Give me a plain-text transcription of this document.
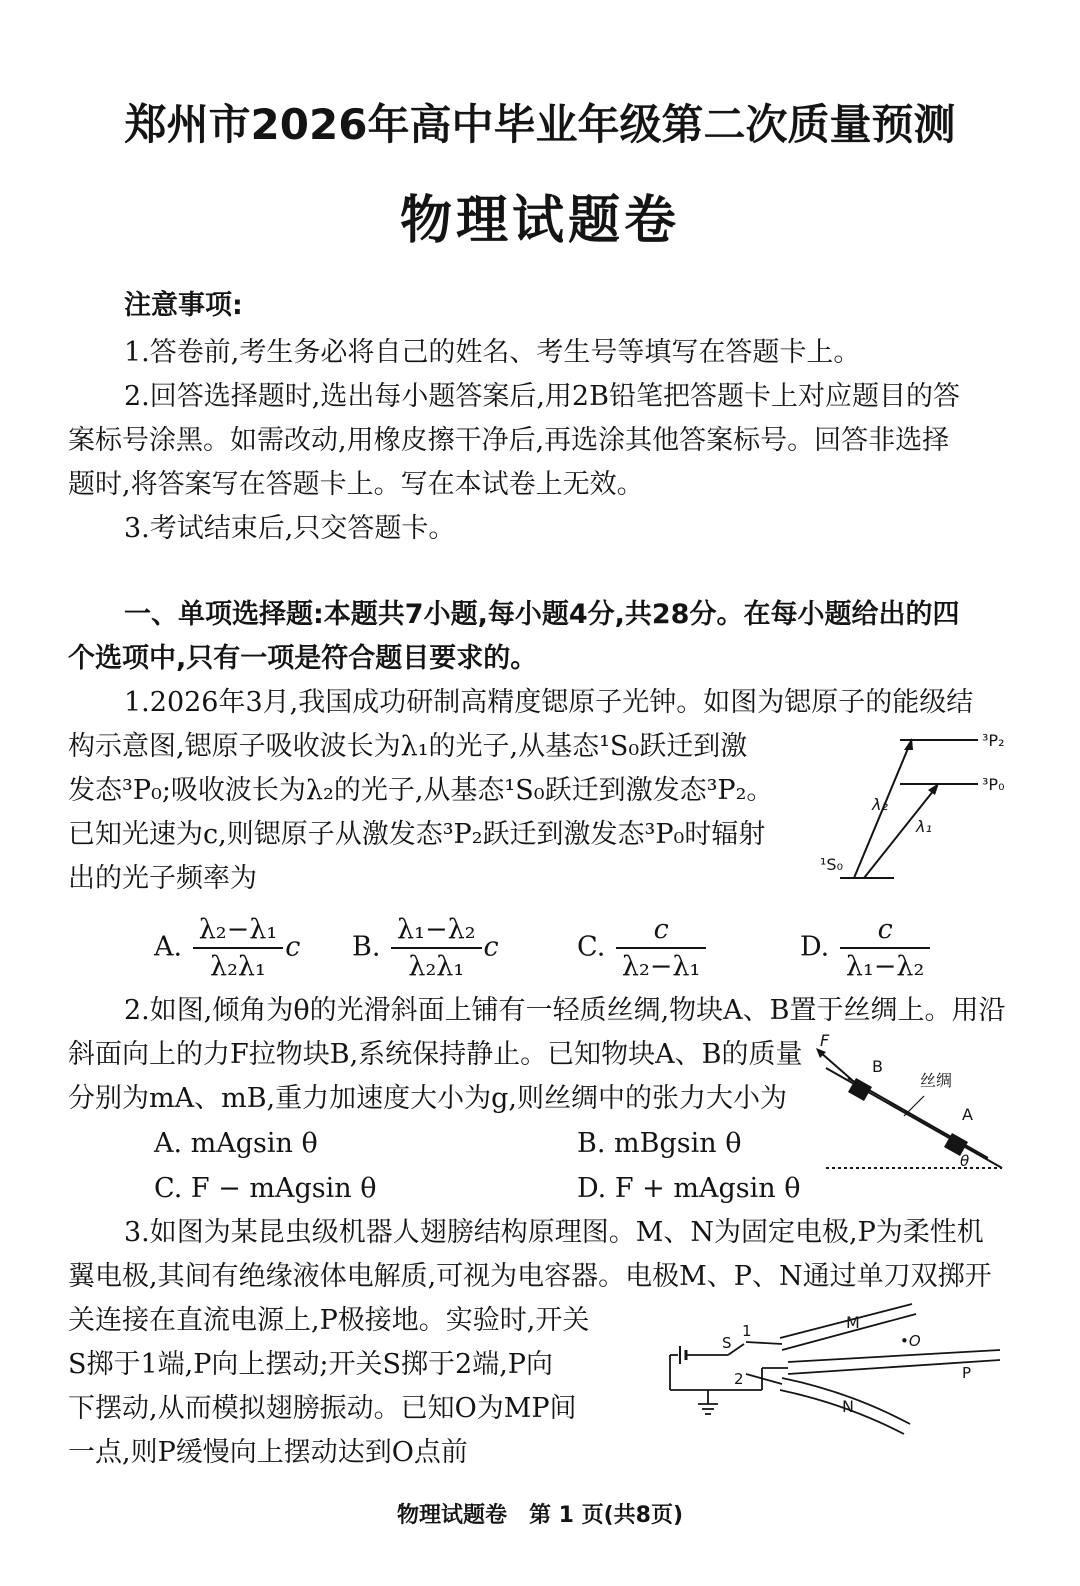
郑州市2026年高中毕业年级第二次质量预测
物理试题卷
注意事项:
1.答卷前,考生务必将自己的姓名、考生号等填写在答题卡上。
2.回答选择题时,选出每小题答案后,用2B铅笔把答题卡上对应题目的答
案标号涂黑。如需改动,用橡皮擦干净后,再选涂其他答案标号。回答非选择
题时,将答案写在答题卡上。写在本试卷上无效。
3.考试结束后,只交答题卡。
一、单项选择题:本题共7小题,每小题4分,共28分。在每小题给出的四
个选项中,只有一项是符合题目要求的。
1.2026年3月,我国成功研制高精度锶原子光钟。如图为锶原子的能级结
构示意图,锶原子吸收波长为λ₁的光子,从基态¹S₀跃迁到激
发态³P₀;吸收波长为λ₂的光子,从基态¹S₀跃迁到激发态³P₂。
已知光速为c,则锶原子从激发态³P₂跃迁到激发态³P₀时辐射
出的光子频率为
³P₂
³P₀
¹S₀
λ₂
λ₁
A. $\frac{\text{λ₂−λ₁}}{\text{λ₂λ₁}}$ c B. $\frac{\text{λ₁−λ₂}}{\text{λ₂λ₁}}$ c	C. $\frac{c}{\text{λ₂−λ₁}}$	D. $\frac{c}{\text{λ₁−λ₂}}$
2.如图,倾角为θ的光滑斜面上铺有一轻质丝绸,物块A、B置于丝绸上。用沿
斜面向上的力F拉物块B,系统保持静止。已知物块A、B的质量
分别为mA、mB,重力加速度大小为g,则丝绸中的张力大小为
A. mAgsin θ	B. mBgsin θ
C. F − mAgsin θ	D. F + mAgsin θ
F
B
A
丝绸
θ
3.如图为某昆虫级机器人翅膀结构原理图。M、N为固定电极,P为柔性机
翼电极,其间有绝缘液体电解质,可视为电容器。电极M、P、N通过单刀双掷开
关连接在直流电源上,P极接地。实验时,开关
S掷于1端,P向上摆动;开关S掷于2端,P向
下摆动,从而模拟翅膀振动。已知O为MP间
一点,则P缓慢向上摆动达到O点前
M
N
P
•O
S
1
2
物理试题卷　第 1 页(共8页)
